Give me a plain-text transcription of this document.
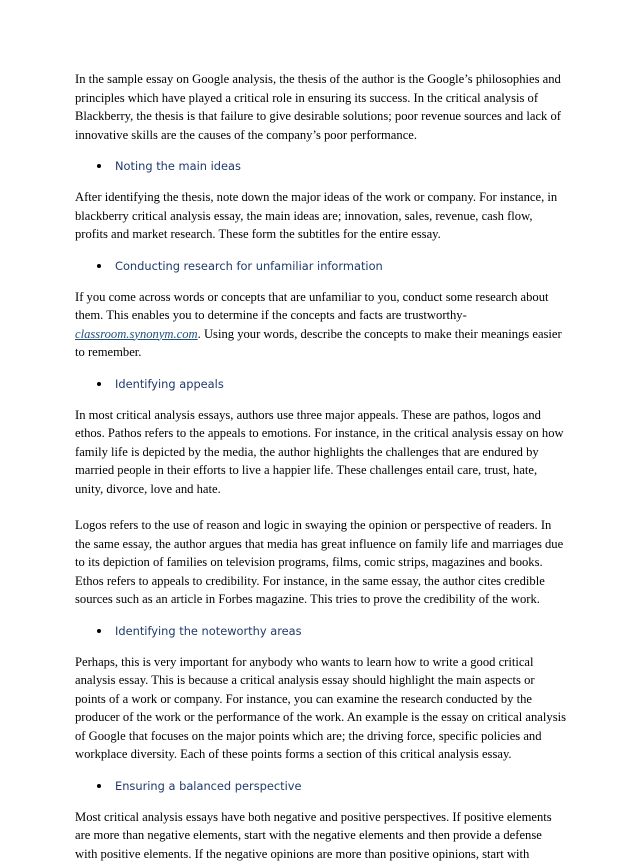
In the sample essay on Google analysis, the thesis of the author is the Google’s philosophies and principles which have played a critical role in ensuring its success. In the critical analysis of Blackberry, the thesis is that failure to give desirable solutions; poor revenue sources and lack of innovative skills are the causes of the company’s poor performance.

Noting the main ideas

After identifying the thesis, note down the major ideas of the work or company. For instance, in blackberry critical analysis essay, the main ideas are; innovation, sales, revenue, cash flow, profits and market research. These form the subtitles for the entire essay.

Conducting research for unfamiliar information

If you come across words or concepts that are unfamiliar to you, conduct some research about them. This enables you to determine if the concepts and facts are trustworthy- classroom.synonym.com. Using your words, describe the concepts to make their meanings easier to remember.

Identifying appeals

In most critical analysis essays, authors use three major appeals. These are pathos, logos and ethos. Pathos refers to the appeals to emotions. For instance, in the critical analysis essay on how family life is depicted by the media, the author highlights the challenges that are endured by married people in their efforts to live a happier life. These challenges entail care, trust, hate, unity, divorce, love and hate.

Logos refers to the use of reason and logic in swaying the opinion or perspective of readers. In the same essay, the author argues that media has great influence on family life and marriages due to its depiction of families on television programs, films, comic strips, magazines and books. Ethos refers to appeals to credibility. For instance, in the same essay, the author cites credible sources such as an article in Forbes magazine. This tries to prove the credibility of the work.

Identifying the noteworthy areas

Perhaps, this is very important for anybody who wants to learn how to write a good critical analysis essay. This is because a critical analysis essay should highlight the main aspects or points of a work or company. For instance, you can examine the research conducted by the producer of the work or the performance of the work. An example is the essay on critical analysis of Google that focuses on the major points which are; the driving force, specific policies and workplace diversity. Each of these points forms a section of this critical analysis essay.

Ensuring a balanced perspective

Most critical analysis essays have both negative and positive perspectives. If positive elements are more than negative elements, start with the negative elements and then provide a defense with positive elements. If the negative opinions are more than positive opinions, start with
